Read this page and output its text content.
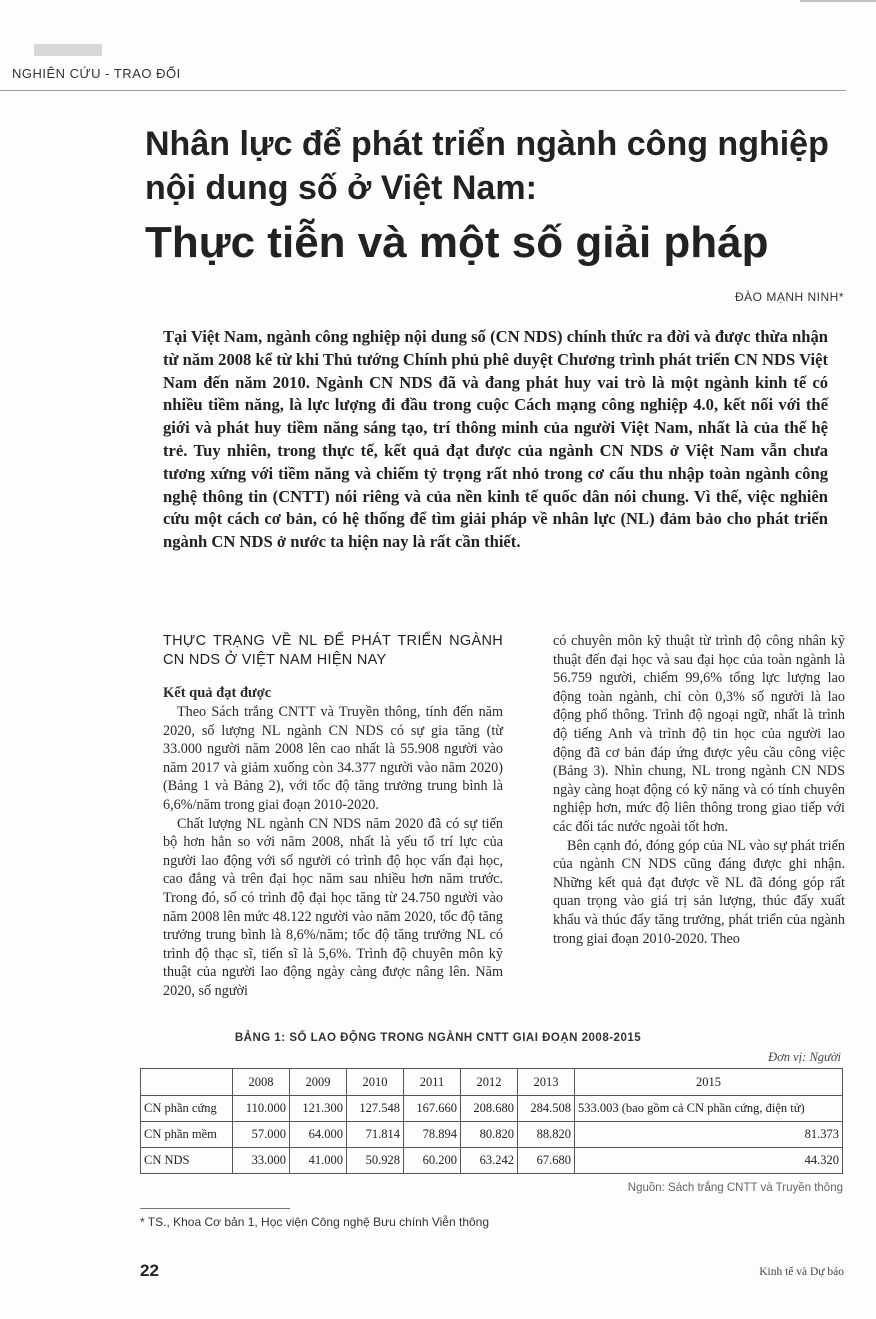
NGHIÊN CỨU - TRAO ĐỔI
Nhân lực để phát triển ngành công nghiệp
nội dung số ở Việt Nam:
Thực tiễn và một số giải pháp
ĐÀO MẠNH NINH*

Tại Việt Nam, ngành công nghiệp nội dung số (CN NDS) chính thức ra đời và được thừa nhận từ năm 2008 kể từ khi Thủ tướng Chính phủ phê duyệt Chương trình phát triển CN NDS Việt Nam đến năm 2010. Ngành CN NDS đã và đang phát huy vai trò là một ngành kinh tế có nhiều tiềm năng, là lực lượng đi đầu trong cuộc Cách mạng công nghiệp 4.0, kết nối với thế giới và phát huy tiềm năng sáng tạo, trí thông minh của người Việt Nam, nhất là của thế hệ trẻ. Tuy nhiên, trong thực tế, kết quả đạt được của ngành CN NDS ở Việt Nam vẫn chưa tương xứng với tiềm năng và chiếm tỷ trọng rất nhỏ trong cơ cấu thu nhập toàn ngành công nghệ thông tin (CNTT) nói riêng và của nền kinh tế quốc dân nói chung. Vì thế, việc nghiên cứu một cách cơ bản, có hệ thống để tìm giải pháp về nhân lực (NL) đảm bảo cho phát triển ngành CN NDS ở nước ta hiện nay là rất cần thiết.

THỰC TRẠNG VỀ NL ĐỂ PHÁT TRIỂN NGÀNH CN NDS Ở VIỆT NAM HIỆN NAY
Kết quả đạt được

Theo Sách trắng CNTT và Truyền thông, tính đến năm 2020, số lượng NL ngành CN NDS có sự gia tăng (từ 33.000 người năm 2008 lên cao nhất là 55.908 người vào năm 2017 và giảm xuống còn 34.377 người vào năm 2020) (Bảng 1 và Bảng 2), với tốc độ tăng trưởng trung bình là 6,6%/năm trong giai đoạn 2010-2020.

Chất lượng NL ngành CN NDS năm 2020 đã có sự tiến bộ hơn hẳn so với năm 2008, nhất là yếu tố trí lực của người lao động với số người có trình độ học vấn đại học, cao đẳng và trên đại học năm sau nhiều hơn năm trước. Trong đó, số có trình độ đại học tăng từ 24.750 người vào năm 2008 lên mức 48.122 người vào năm 2020, tốc độ tăng trưởng trung bình là 8,6%/năm; tốc độ tăng trưởng NL có trình độ thạc sĩ, tiến sĩ là 5,6%. Trình độ chuyên môn kỹ thuật của người lao động ngày càng được nâng lên. Năm 2020, số người

có chuyên môn kỹ thuật từ trình độ công nhân kỹ thuật đến đại học và sau đại học của toàn ngành là 56.759 người, chiếm 99,6% tổng lực lượng lao động toàn ngành, chỉ còn 0,3% số người là lao động phổ thông. Trình độ ngoại ngữ, nhất là trình độ tiếng Anh và trình độ tin học của người lao động đã cơ bản đáp ứng được yêu cầu công việc (Bảng 3). Nhìn chung, NL trong ngành CN NDS ngày càng hoạt động có kỹ năng và có tính chuyên nghiệp hơn, mức độ liên thông trong giao tiếp với các đối tác nước ngoài tốt hơn.

Bên cạnh đó, đóng góp của NL vào sự phát triển của ngành CN NDS cũng đáng được ghi nhận. Những kết quả đạt được về NL đã đóng góp rất quan trọng vào giá trị sản lượng, thúc đẩy xuất khẩu và thúc đẩy tăng trưởng, phát triển của ngành trong giai đoạn 2010-2020. Theo

BẢNG 1: SỐ LAO ĐỘNG TRONG NGÀNH CNTT GIAI ĐOẠN 2008-2015
Đơn vị: Người
	2008	2009	2010	2011	2012	2013	2015
CN phần cứng	110.000	121.300	127.548	167.660	208.680	284.508	533.003 (bao gồm cả CN phần cứng, điện tử)
CN phần mềm	57.000	64.000	71.814	78.894	80.820	88.820	81.373
CN NDS	33.000	41.000	50.928	60.200	63.242	67.680	44.320
Nguồn: Sách trắng CNTT và Truyền thông
* TS., Khoa Cơ bản 1, Học viện Công nghệ Bưu chính Viễn thông
22	Kinh tế và Dự báo
